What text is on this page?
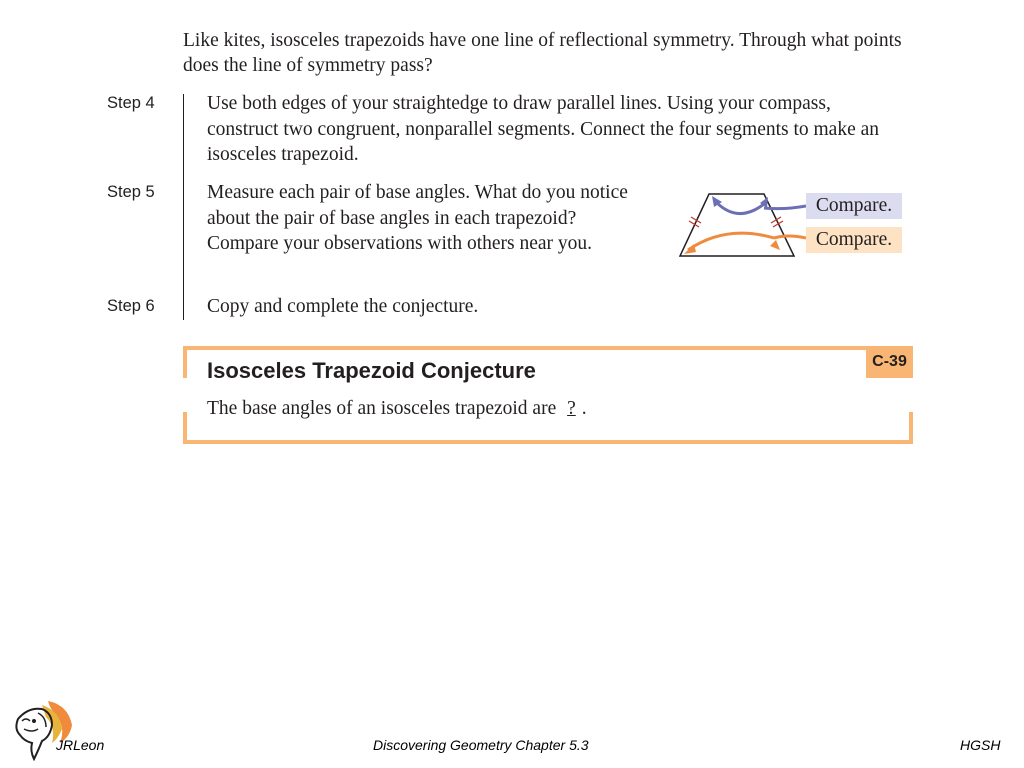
Like kites, isosceles trapezoids have one line of reflectional symmetry. Through what points does the line of symmetry pass?

Step 4	Use both edges of your straightedge to draw parallel lines. Using your compass, construct two congruent, nonparallel segments. Connect the four segments to make an isosceles trapezoid.

Step 5	Measure each pair of base angles. What do you notice about the pair of base angles in each trapezoid? Compare your observations with others near you.

Step 6	Copy and complete the conjecture.

Compare.
Compare.
C-39
Isosceles Trapezoid Conjecture
The base angles of an isosceles trapezoid are ? .
JRLeon	Discovering Geometry Chapter 5.3	HGSH
